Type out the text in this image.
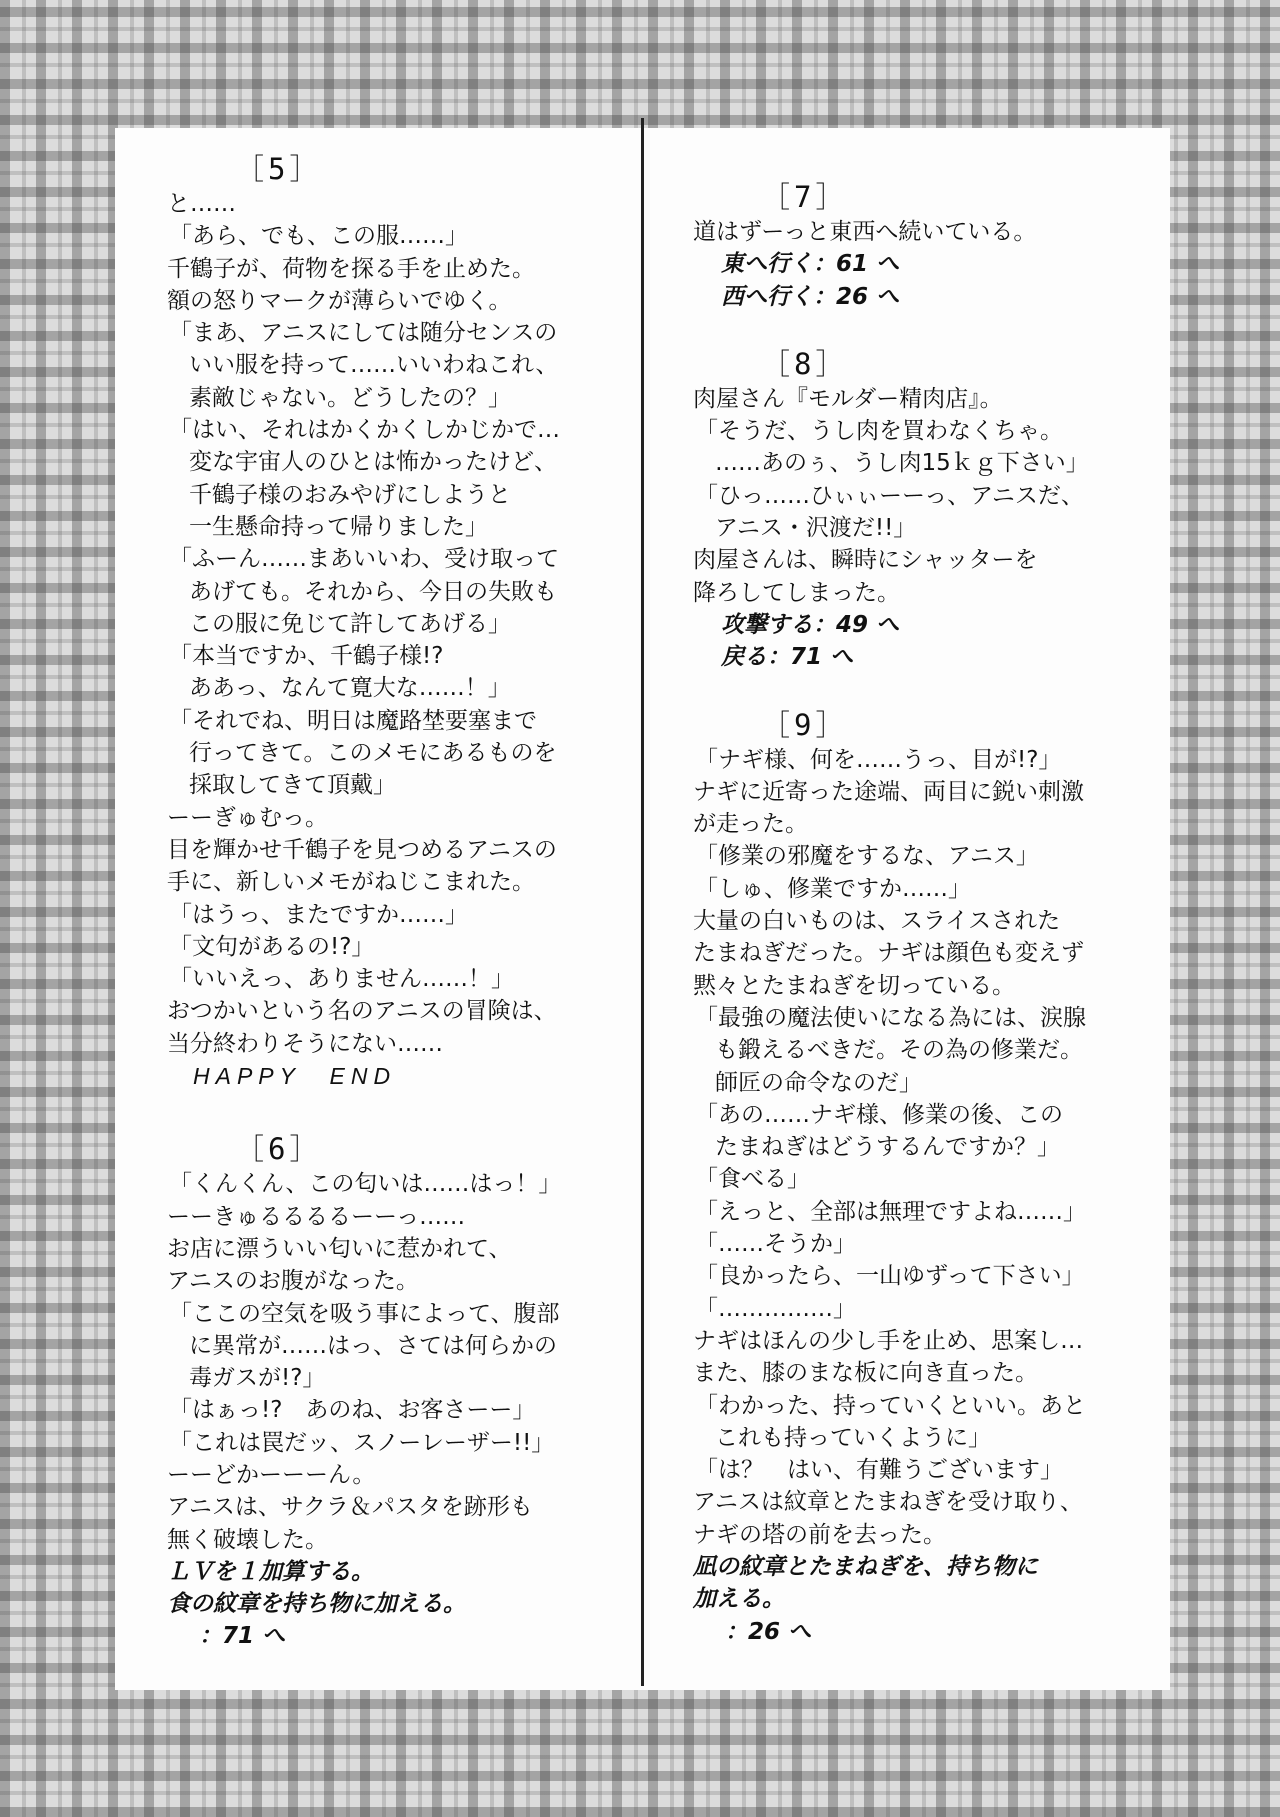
［5］
と……
「あら、でも、この服……」
千鶴子が、荷物を探る手を止めた。
額の怒りマークが薄らいでゆく。
「まあ、アニスにしては随分センスの
いい服を持って……いいわねこれ、
素敵じゃない。どうしたの？」
「はい、それはかくかくしかじかで…
変な宇宙人のひとは怖かったけど、
千鶴子様のおみやげにしようと
一生懸命持って帰りました」
「ふーん……まあいいわ、受け取って
あげても。それから、今日の失敗も
この服に免じて許してあげる」
「本当ですか、千鶴子様!?
ああっ、なんて寛大な……！」
「それでね、明日は魔路埜要塞まで
行ってきて。このメモにあるものを
採取してきて頂戴」
ーーぎゅむっ。
目を輝かせ千鶴子を見つめるアニスの
手に、新しいメモがねじこまれた。
「はうっ、またですか……」
「文句があるの!?」
「いいえっ、ありません……！」
おつかいという名のアニスの冒険は、
当分終わりそうにない……
HAPPY　END
［6］
「くんくん、この匂いは……はっ！」
ーーきゅるるるるーーっ……
お店に漂ういい匂いに惹かれて、
アニスのお腹がなった。
「ここの空気を吸う事によって、腹部
に異常が……はっ、さては何らかの
毒ガスが!?」
「はぁっ!?　あのね、お客さーー」
「これは罠だッ、スノーレーザー!!」
ーーどかーーーん。
アニスは、サクラ＆パスタを跡形も
無く破壊した。
ＬＶを１加算する。
食の紋章を持ち物に加える。
：71 へ
［7］
道はずーっと東西へ続いている。
東へ行く：61 へ
西へ行く：26 へ
［8］
肉屋さん『モルダー精肉店』。
「そうだ、うし肉を買わなくちゃ。
……あのぅ、うし肉15ｋｇ下さい」
「ひっ……ひぃぃーーっ、アニスだ、
アニス・沢渡だ!!」
肉屋さんは、瞬時にシャッターを
降ろしてしまった。
攻撃する：49 へ
戻る：71 へ
［9］
「ナギ様、何を……うっ、目が!?」
ナギに近寄った途端、両目に鋭い刺激
が走った。
「修業の邪魔をするな、アニス」
「しゅ、修業ですか……」
大量の白いものは、スライスされた
たまねぎだった。ナギは顔色も変えず
黙々とたまねぎを切っている。
「最強の魔法使いになる為には、涙腺
も鍛えるべきだ。その為の修業だ。
師匠の命令なのだ」
「あの……ナギ様、修業の後、この
たまねぎはどうするんですか？」
「食べる」
「えっと、全部は無理ですよね……」
「……そうか」
「良かったら、一山ゆずって下さい」
「……………」
ナギはほんの少し手を止め、思案し…
また、膝のまな板に向き直った。
「わかった、持っていくといい。あと
これも持っていくように」
「は？　はい、有難うございます」
アニスは紋章とたまねぎを受け取り、
ナギの塔の前を去った。
凪の紋章とたまねぎを、持ち物に
加える。
：26 へ
